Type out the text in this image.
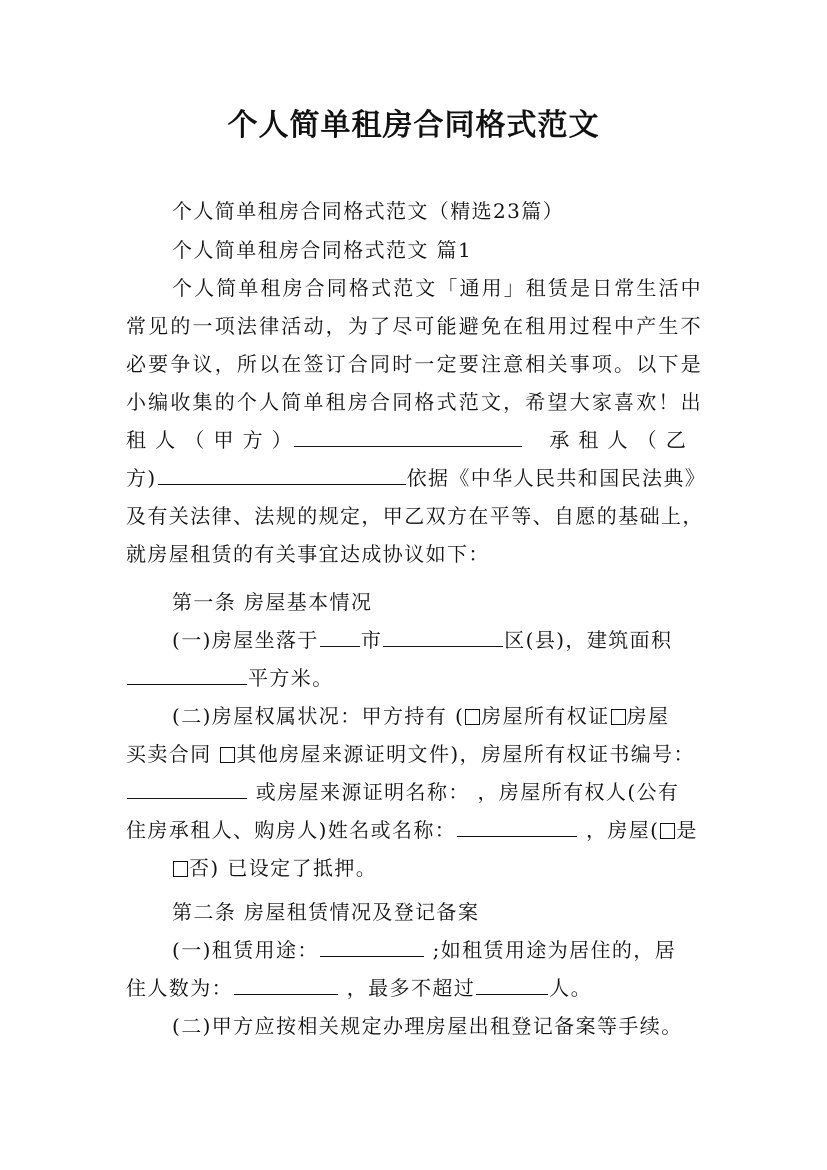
个人简单租房合同格式范文
个人简单租房合同格式范文（精选23篇）
个人简单租房合同格式范文 篇1
个人简单租房合同格式范文「通用」租赁是日常生活中
常见的一项法律活动，为了尽可能避免在租用过程中产生不
必要争议，所以在签订合同时一定要注意相关事项。以下是
小编收集的个人简单租房合同格式范文，希望大家喜欢！出
租 人 （ 甲 方 ）	承 租 人 （ 乙
方)	依据《中华人民共和国民法典》
及有关法律、法规的规定，甲乙双方在平等、自愿的基础上，
就房屋租赁的有关事宜达成协议如下：
第一条 房屋基本情况
(一)房屋坐落于 市	区(县)，建筑面积
平方米。
(二)房屋权属状况：甲方持有 ( 房屋所有权证 房屋
买卖合同 其他房屋来源证明文件)，房屋所有权证书编号：
或房屋来源证明名称： ，房屋所有权人(公有
住房承租人、购房人)姓名或名称：	，房屋( 是
否) 已设定了抵押。
第二条 房屋租赁情况及登记备案
(一)租赁用途：	;如租赁用途为居住的，居
住人数为：	，最多不超过	人。
(二)甲方应按相关规定办理房屋出租登记备案等手续。
